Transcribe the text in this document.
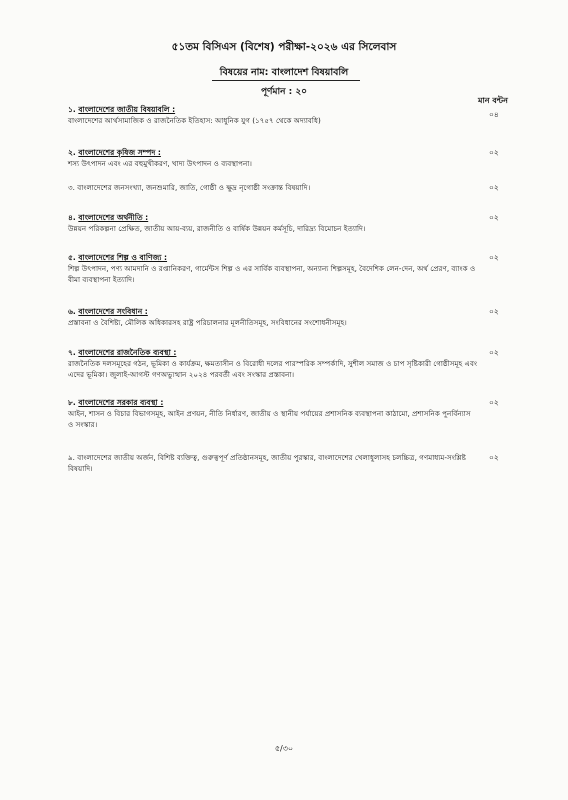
৫১তম বিসিএস (বিশেষ) পরীক্ষা-২০২৬ এর সিলেবাস
বিষয়ের নাম: বাংলাদেশ বিষয়াবলি
পূর্ণমান : ২০
মান বন্টন
১. বাংলাদেশের জাতীয় বিষয়াবলি :
বাংলাদেশের আর্থসামাজিক ও রাজনৈতিক ইতিহাস: আধুনিক যুগ (১৭৫৭ থেকে অদ্যাবধি)
০৪
২. বাংলাদেশের কৃষিজ সম্পদ :
শস্য উৎপাদন এবং এর বহুমুখীকরণ, খাদ্য উৎপাদন ও ব্যবস্থাপনা।
০২
৩. বাংলাদেশের জনসংখ্যা, জনশুমারি, জাতি, গোষ্ঠী ও ক্ষুদ্র নৃগোষ্ঠী সংক্রান্ত বিষয়াদি।	০২
৪. বাংলাদেশের অর্থনীতি :
উন্নয়ন পরিকল্পনা প্রেক্ষিত, জাতীয় আয়-ব্যয়, রাজনীতি ও বার্ষিক উন্নয়ন কর্মসূচি, দারিদ্র্য বিমোচন ইত্যাদি।
০২
৫. বাংলাদেশের শিল্প ও বাণিজ্য :
শিল্প উৎপাদন, পণ্য আমদানি ও রপ্তানিকরণ, গার্মেন্টস শিল্প ও এর সার্বিক ব্যবস্থাপনা, অন্যান্য শিল্পসমূহ, বৈদেশিক লেন-দেন, অর্থ প্রেরণ, ব্যাংক ও বীমা ব্যবস্থাপনা ইত্যাদি।
০২
৬. বাংলাদেশের সংবিধান :
প্রস্তাবনা ও বৈশিষ্ট্য, মৌলিক অধিকারসহ রাষ্ট্র পরিচালনার মূলনীতিসমূহ, সংবিধানের সংশোধনীসমূহ।
০২
৭. বাংলাদেশের রাজনৈতিক ব্যবস্থা :
রাজনৈতিক দলসমূহের গঠন, ভূমিকা ও কার্যক্রম, ক্ষমতাসীন ও বিরোধী দলের পারস্পরিক সম্পর্কাদি, সুশীল সমাজ ও চাপ সৃষ্টিকারী গোষ্ঠীসমূহ এবং এদের ভূমিকা। জুলাই-আগস্ট গণঅভ্যুত্থান ২০২৪ পরবর্তী এবং সংস্কার প্রস্তাবনা।
০২
৮. বাংলাদেশের সরকার ব্যবস্থা :
আইন, শাসন ও বিচার বিভাগসমূহ, আইন প্রণয়ন, নীতি নির্ধারণ, জাতীয় ও স্থানীয় পর্যায়ের প্রশাসনিক ব্যবস্থাপনা কাঠামো, প্রশাসনিক পুনর্বিন্যাস ও সংস্কার।
০২
৯. বাংলাদেশের জাতীয় অর্জন, বিশিষ্ট ব্যক্তিত্ব, গুরুত্বপূর্ণ প্রতিষ্ঠানসমূহ, জাতীয় পুরস্কার, বাংলাদেশের খেলাধুলাসহ চলচ্চিত্র, গণমাধ্যম-সংশ্লিষ্ট বিষয়াদি।
০২
৫/৩০
